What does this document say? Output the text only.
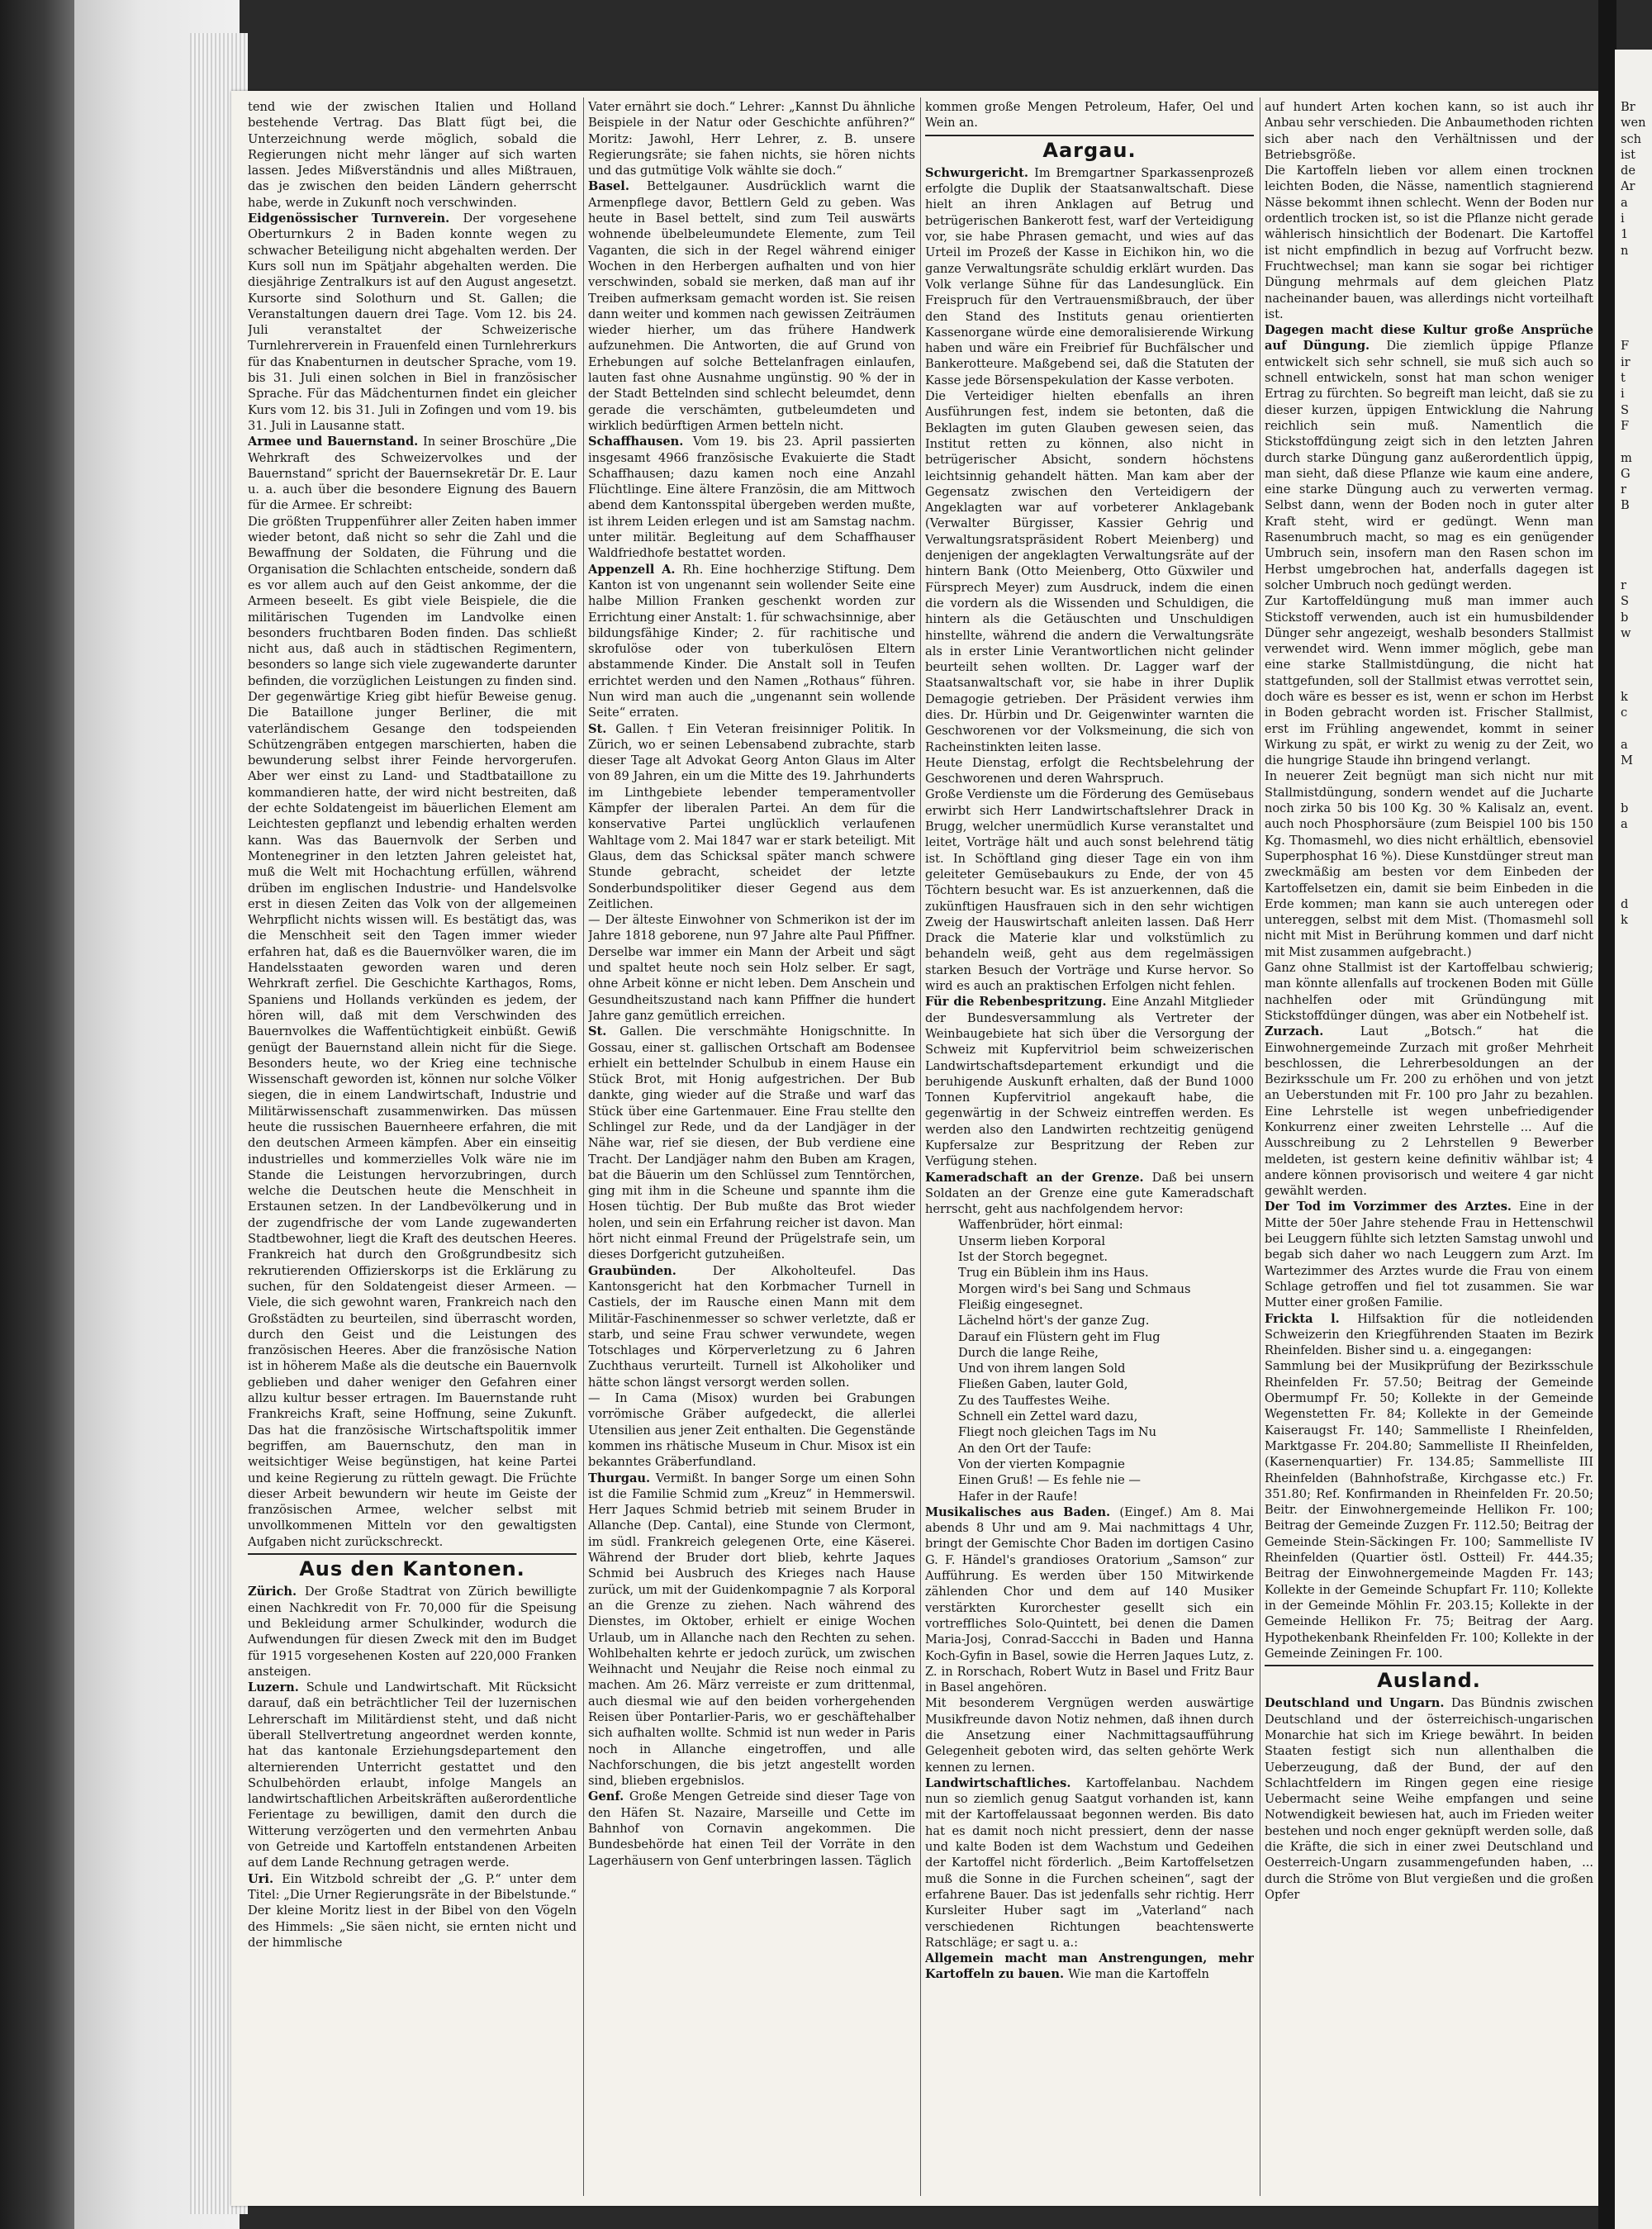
tend wie der zwischen Italien und Holland bestehende Vertrag. Das Blatt fügt bei, die Unterzeichnung werde möglich, sobald die Regierungen nicht mehr länger auf sich warten lassen. Jedes Mißverständnis und alles Mißtrauen, das je zwischen den beiden Ländern geherrscht habe, werde in Zukunft noch verschwinden.

Eidgenössischer Turnverein. Der vorgesehene Oberturnkurs 2 in Baden konnte wegen zu schwacher Beteiligung nicht abgehalten werden. Der Kurs soll nun im Spätjahr abgehalten werden. Die diesjährige Zentralkurs ist auf den August angesetzt. Kursorte sind Solothurn und St. Gallen; die Veranstaltungen dauern drei Tage. Vom 12. bis 24. Juli veranstaltet der Schweizerische Turnlehrerverein in Frauenfeld einen Turnlehrerkurs für das Knabenturnen in deutscher Sprache, vom 19. bis 31. Juli einen solchen in Biel in französischer Sprache. Für das Mädchenturnen findet ein gleicher Kurs vom 12. bis 31. Juli in Zofingen und vom 19. bis 31. Juli in Lausanne statt.

Armee und Bauernstand. In seiner Broschüre „Die Wehrkraft des Schweizervolkes und der Bauernstand“ spricht der Bauernsekretär Dr. E. Laur u. a. auch über die besondere Eignung des Bauern für die Armee. Er schreibt:

Die größten Truppenführer aller Zeiten haben immer wieder betont, daß nicht so sehr die Zahl und die Bewaffnung der Soldaten, die Führung und die Organisation die Schlachten entscheide, sondern daß es vor allem auch auf den Geist ankomme, der die Armeen beseelt. Es gibt viele Beispiele, die die militärischen Tugenden im Landvolke einen besonders fruchtbaren Boden finden. Das schließt nicht aus, daß auch in städtischen Regimentern, besonders so lange sich viele zugewanderte darunter befinden, die vorzüglichen Leistungen zu finden sind. Der gegenwärtige Krieg gibt hiefür Beweise genug. Die Bataillone junger Berliner, die mit vaterländischem Gesange den todspeienden Schützengräben entgegen marschierten, haben die bewunderung selbst ihrer Feinde hervorgerufen. Aber wer einst zu Land- und Stadtbataillone zu kommandieren hatte, der wird nicht bestreiten, daß der echte Soldatengeist im bäuerlichen Element am Leichtesten gepflanzt und lebendig erhalten werden kann. Was das Bauernvolk der Serben und Montenegriner in den letzten Jahren geleistet hat, muß die Welt mit Hochachtung erfüllen, während drüben im englischen Industrie- und Handelsvolke erst in diesen Zeiten das Volk von der allgemeinen Wehrpflicht nichts wissen will. Es bestätigt das, was die Menschheit seit den Tagen immer wieder erfahren hat, daß es die Bauernvölker waren, die im Handelsstaaten geworden waren und deren Wehrkraft zerfiel. Die Geschichte Karthagos, Roms, Spaniens und Hollands verkünden es jedem, der hören will, daß mit dem Verschwinden des Bauernvolkes die Waffentüchtigkeit einbüßt. Gewiß genügt der Bauernstand allein nicht für die Siege. Besonders heute, wo der Krieg eine technische Wissenschaft geworden ist, können nur solche Völker siegen, die in einem Landwirtschaft, Industrie und Militärwissenschaft zusammenwirken. Das müssen heute die russischen Bauernheere erfahren, die mit den deutschen Armeen kämpfen. Aber ein einseitig industrielles und kommerzielles Volk wäre nie im Stande die Leistungen hervorzubringen, durch welche die Deutschen heute die Menschheit in Erstaunen setzen. In der Landbevölkerung und in der zugendfrische der vom Lande zugewanderten Stadtbewohner, liegt die Kraft des deutschen Heeres. Frankreich hat durch den Großgrundbesitz sich rekrutierenden Offizierskorps ist die Erklärung zu suchen, für den Soldatengeist dieser Armeen. — Viele, die sich gewohnt waren, Frankreich nach den Großstädten zu beurteilen, sind überrascht worden, durch den Geist und die Leistungen des französischen Heeres. Aber die französische Nation ist in höherem Maße als die deutsche ein Bauernvolk geblieben und daher weniger den Gefahren einer allzu kultur besser ertragen. Im Bauernstande ruht Frankreichs Kraft, seine Hoffnung, seine Zukunft. Das hat die französische Wirtschaftspolitik immer begriffen, am Bauernschutz, den man in weitsichtiger Weise begünstigen, hat keine Partei und keine Regierung zu rütteln gewagt. Die Früchte dieser Arbeit bewundern wir heute im Geiste der französischen Armee, welcher selbst mit unvollkommenen Mitteln vor den gewaltigsten Aufgaben nicht zurückschreckt.

Aus den Kantonen.

Zürich. Der Große Stadtrat von Zürich bewilligte einen Nachkredit von Fr. 70,000 für die Speisung und Bekleidung armer Schulkinder, wodurch die Aufwendungen für diesen Zweck mit den im Budget für 1915 vorgesehenen Kosten auf 220,000 Franken ansteigen.

Luzern. Schule und Landwirtschaft. Mit Rücksicht darauf, daß ein beträchtlicher Teil der luzernischen Lehrerschaft im Militärdienst steht, und daß nicht überall Stellvertretung angeordnet werden konnte, hat das kantonale Erziehungsdepartement den alternierenden Unterricht gestattet und den Schulbehörden erlaubt, infolge Mangels an landwirtschaftlichen Arbeitskräften außerordentliche Ferientage zu bewilligen, damit den durch die Witterung verzögerten und den vermehrten Anbau von Getreide und Kartoffeln entstandenen Arbeiten auf dem Lande Rechnung getragen werde.

Uri. Ein Witzbold schreibt der „G. P.“ unter dem Titel: „Die Urner Regierungsräte in der Bibelstunde.“ Der kleine Moritz liest in der Bibel von den Vögeln des Himmels: „Sie säen nicht, sie ernten nicht und der himmlische

Vater ernährt sie doch.“ Lehrer: „Kannst Du ähnliche Beispiele in der Natur oder Geschichte anführen?“ Moritz: Jawohl, Herr Lehrer, z. B. unsere Regierungsräte; sie fahen nichts, sie hören nichts und das gutmütige Volk wählte sie doch.“

Basel. Bettelgauner. Ausdrücklich warnt die Armenpflege davor, Bettlern Geld zu geben. Was heute in Basel bettelt, sind zum Teil auswärts wohnende übelbeleumundete Elemente, zum Teil Vaganten, die sich in der Regel während einiger Wochen in den Herbergen aufhalten und von hier verschwinden, sobald sie merken, daß man auf ihr Treiben aufmerksam gemacht worden ist. Sie reisen dann weiter und kommen nach gewissen Zeiträumen wieder hierher, um das frühere Handwerk aufzunehmen. Die Antworten, die auf Grund von Erhebungen auf solche Bettelanfragen einlaufen, lauten fast ohne Ausnahme ungünstig. 90 % der in der Stadt Bettelnden sind schlecht beleumdet, denn gerade die verschämten, gutbeleumdeten und wirklich bedürftigen Armen betteln nicht.

Schaffhausen. Vom 19. bis 23. April passierten insgesamt 4966 französische Evakuierte die Stadt Schaffhausen; dazu kamen noch eine Anzahl Flüchtlinge. Eine ältere Französin, die am Mittwoch abend dem Kantonsspital übergeben werden mußte, ist ihrem Leiden erlegen und ist am Samstag nachm. unter militär. Begleitung auf dem Schaffhauser Waldfriedhofe bestattet worden.

Appenzell A. Rh. Eine hochherzige Stiftung. Dem Kanton ist von ungenannt sein wollender Seite eine halbe Million Franken geschenkt worden zur Errichtung einer Anstalt: 1. für schwachsinnige, aber bildungsfähige Kinder; 2. für rachitische und skrofulöse oder von tuberkulösen Eltern abstammende Kinder. Die Anstalt soll in Teufen errichtet werden und den Namen „Rothaus“ führen. Nun wird man auch die „ungenannt sein wollende Seite“ erraten.

St. Gallen. † Ein Veteran freisinniger Politik. In Zürich, wo er seinen Lebensabend zubrachte, starb dieser Tage alt Advokat Georg Anton Glaus im Alter von 89 Jahren, ein um die Mitte des 19. Jahrhunderts im Linthgebiete lebender temperamentvoller Kämpfer der liberalen Partei. An dem für die konservative Partei unglücklich verlaufenen Wahltage vom 2. Mai 1847 war er stark beteiligt. Mit Glaus, dem das Schicksal später manch schwere Stunde gebracht, scheidet der letzte Sonderbundspolitiker dieser Gegend aus dem Zeitlichen.

— Der älteste Einwohner von Schmerikon ist der im Jahre 1818 geborene, nun 97 Jahre alte Paul Pfiffner. Derselbe war immer ein Mann der Arbeit und sägt und spaltet heute noch sein Holz selber. Er sagt, ohne Arbeit könne er nicht leben. Dem Anschein und Gesundheitszustand nach kann Pfiffner die hundert Jahre ganz gemütlich erreichen.

St. Gallen. Die verschmähte Honigschnitte. In Gossau, einer st. gallischen Ortschaft am Bodensee erhielt ein bettelnder Schulbub in einem Hause ein Stück Brot, mit Honig aufgestrichen. Der Bub dankte, ging wieder auf die Straße und warf das Stück über eine Gartenmauer. Eine Frau stellte den Schlingel zur Rede, und da der Landjäger in der Nähe war, rief sie diesen, der Bub verdiene eine Tracht. Der Landjäger nahm den Buben am Kragen, bat die Bäuerin um den Schlüssel zum Tenntörchen, ging mit ihm in die Scheune und spannte ihm die Hosen tüchtig. Der Bub mußte das Brot wieder holen, und sein ein Erfahrung reicher ist davon. Man hört nicht einmal Freund der Prügelstrafe sein, um dieses Dorfgericht gutzuheißen.

Graubünden. Der Alkoholteufel. Das Kantonsgericht hat den Korbmacher Turnell in Castiels, der im Rausche einen Mann mit dem Militär-Faschinenmesser so schwer verletzte, daß er starb, und seine Frau schwer verwundete, wegen Totschlages und Körperverletzung zu 6 Jahren Zuchthaus verurteilt. Turnell ist Alkoholiker und hätte schon längst versorgt werden sollen.

— In Cama (Misox) wurden bei Grabungen vorrömische Gräber aufgedeckt, die allerlei Utensilien aus jener Zeit enthalten. Die Gegenstände kommen ins rhätische Museum in Chur. Misox ist ein bekanntes Gräberfundland.

Thurgau. Vermißt. In banger Sorge um einen Sohn ist die Familie Schmid zum „Kreuz“ in Hemmerswil. Herr Jaques Schmid betrieb mit seinem Bruder in Allanche (Dep. Cantal), eine Stunde von Clermont, im südl. Frankreich gelegenen Orte, eine Käserei. Während der Bruder dort blieb, kehrte Jaques Schmid bei Ausbruch des Krieges nach Hause zurück, um mit der Guidenkompagnie 7 als Korporal an die Grenze zu ziehen. Nach während des Dienstes, im Oktober, erhielt er einige Wochen Urlaub, um in Allanche nach den Rechten zu sehen. Wohlbehalten kehrte er jedoch zurück, um zwischen Weihnacht und Neujahr die Reise noch einmal zu machen. Am 26. März verreiste er zum drittenmal, auch diesmal wie auf den beiden vorhergehenden Reisen über Pontarlier-Paris, wo er geschäftehalber sich aufhalten wollte. Schmid ist nun weder in Paris noch in Allanche eingetroffen, und alle Nachforschungen, die bis jetzt angestellt worden sind, blieben ergebnislos.

Genf. Große Mengen Getreide sind dieser Tage von den Häfen St. Nazaire, Marseille und Cette im Bahnhof von Cornavin angekommen. Die Bundesbehörde hat einen Teil der Vorräte in den Lagerhäusern von Genf unterbringen lassen. Täglich

kommen große Mengen Petroleum, Hafer, Oel und Wein an.

Aargau.

Schwurgericht. Im Bremgartner Sparkassenprozeß erfolgte die Duplik der Staatsanwaltschaft. Diese hielt an ihren Anklagen auf Betrug und betrügerischen Bankerott fest, warf der Verteidigung vor, sie habe Phrasen gemacht, und wies auf das Urteil im Prozeß der Kasse in Eichikon hin, wo die ganze Verwaltungsräte schuldig erklärt wurden. Das Volk verlange Sühne für das Landesunglück. Ein Freispruch für den Vertrauensmißbrauch, der über den Stand des Instituts genau orientierten Kassenorgane würde eine demoralisierende Wirkung haben und wäre ein Freibrief für Buchfälscher und Bankerotteure. Maßgebend sei, daß die Statuten der Kasse jede Börsenspekulation der Kasse verboten.

Die Verteidiger hielten ebenfalls an ihren Ausführungen fest, indem sie betonten, daß die Beklagten im guten Glauben gewesen seien, das Institut retten zu können, also nicht in betrügerischer Absicht, sondern höchstens leichtsinnig gehandelt hätten. Man kam aber der Gegensatz zwischen den Verteidigern der Angeklagten war auf vorbeterer Anklagebank (Verwalter Bürgisser, Kassier Gehrig und Verwaltungsratspräsident Robert Meienberg) und denjenigen der angeklagten Verwaltungsräte auf der hintern Bank (Otto Meienberg, Otto Güxwiler und Fürsprech Meyer) zum Ausdruck, indem die einen die vordern als die Wissenden und Schuldigen, die hintern als die Getäuschten und Unschuldigen hinstellte, während die andern die Verwaltungsräte als in erster Linie Verantwortlichen nicht gelinder beurteilt sehen wollten. Dr. Lagger warf der Staatsanwaltschaft vor, sie habe in ihrer Duplik Demagogie getrieben. Der Präsident verwies ihm dies. Dr. Hürbin und Dr. Geigenwinter warnten die Geschworenen vor der Volksmeinung, die sich von Racheinstinkten leiten lasse.

Heute Dienstag, erfolgt die Rechtsbelehrung der Geschworenen und deren Wahrspruch.

Große Verdienste um die Förderung des Gemüsebaus erwirbt sich Herr Landwirtschaftslehrer Drack in Brugg, welcher unermüdlich Kurse veranstaltet und leitet, Vorträge hält und auch sonst belehrend tätig ist. In Schöftland ging dieser Tage ein von ihm geleiteter Gemüsebaukurs zu Ende, der von 45 Töchtern besucht war. Es ist anzuerkennen, daß die zukünftigen Hausfrauen sich in den sehr wichtigen Zweig der Hauswirtschaft anleiten lassen. Daß Herr Drack die Materie klar und volkstümlich zu behandeln weiß, geht aus dem regelmässigen starken Besuch der Vorträge und Kurse hervor. So wird es auch an praktischen Erfolgen nicht fehlen.

Für die Rebenbespritzung. Eine Anzahl Mitglieder der Bundesversammlung als Vertreter der Weinbaugebiete hat sich über die Versorgung der Schweiz mit Kupfervitriol beim schweizerischen Landwirtschaftsdepartement erkundigt und die beruhigende Auskunft erhalten, daß der Bund 1000 Tonnen Kupfervitriol angekauft habe, die gegenwärtig in der Schweiz eintreffen werden. Es werden also den Landwirten rechtzeitig genügend Kupfersalze zur Bespritzung der Reben zur Verfügung stehen.

Kameradschaft an der Grenze. Daß bei unsern Soldaten an der Grenze eine gute Kameradschaft herrscht, geht aus nachfolgendem hervor:

Waffenbrüder, hört einmal:
Unserm lieben Korporal
Ist der Storch begegnet.
Trug ein Büblein ihm ins Haus.
Morgen wird's bei Sang und Schmaus
Fleißig eingesegnet.
Lächelnd hört's der ganze Zug.
Darauf ein Flüstern geht im Flug
Durch die lange Reihe,
Und von ihrem langen Sold
Fließen Gaben, lauter Gold,
Zu des Tauffestes Weihe.
Schnell ein Zettel ward dazu,
Fliegt noch gleichen Tags im Nu
An den Ort der Taufe:
Von der vierten Kompagnie
Einen Gruß! — Es fehle nie —
Hafer in der Raufe!

Musikalisches aus Baden. (Eingef.) Am 8. Mai abends 8 Uhr und am 9. Mai nachmittags 4 Uhr, bringt der Gemischte Chor Baden im dortigen Casino G. F. Händel's grandioses Oratorium „Samson“ zur Aufführung. Es werden über 150 Mitwirkende zählenden Chor und dem auf 140 Musiker verstärkten Kurorchester gesellt sich ein vortreffliches Solo-Quintett, bei denen die Damen Maria-Josj, Conrad-Saccchi in Baden und Hanna Koch-Gyfin in Basel, sowie die Herren Jaques Lutz, z. Z. in Rorschach, Robert Wutz in Basel und Fritz Baur in Basel angehören.

Mit besonderem Vergnügen werden auswärtige Musikfreunde davon Notiz nehmen, daß ihnen durch die Ansetzung einer Nachmittagsaufführung Gelegenheit geboten wird, das selten gehörte Werk kennen zu lernen.

Landwirtschaftliches. Kartoffelanbau. Nachdem nun so ziemlich genug Saatgut vorhanden ist, kann mit der Kartoffelaussaat begonnen werden. Bis dato hat es damit noch nicht pressiert, denn der nasse und kalte Boden ist dem Wachstum und Gedeihen der Kartoffel nicht förderlich. „Beim Kartoffelsetzen muß die Sonne in die Furchen scheinen“, sagt der erfahrene Bauer. Das ist jedenfalls sehr richtig. Herr Kursleiter Huber sagt im „Vaterland“ nach verschiedenen Richtungen beachtenswerte Ratschläge; er sagt u. a.:

Allgemein macht man Anstrengungen, mehr Kartoffeln zu bauen. Wie man die Kartoffeln

auf hundert Arten kochen kann, so ist auch ihr Anbau sehr verschieden. Die Anbaumethoden richten sich aber nach den Verhältnissen und der Betriebsgröße.

Die Kartoffeln lieben vor allem einen trocknen leichten Boden, die Nässe, namentlich stagnierend Nässe bekommt ihnen schlecht. Wenn der Boden nur ordentlich trocken ist, so ist die Pflanze nicht gerade wählerisch hinsichtlich der Bodenart. Die Kartoffel ist nicht empfindlich in bezug auf Vorfrucht bezw. Fruchtwechsel; man kann sie sogar bei richtiger Düngung mehrmals auf dem gleichen Platz nacheinander bauen, was allerdings nicht vorteilhaft ist.

Dagegen macht diese Kultur große Ansprüche auf Düngung. Die ziemlich üppige Pflanze entwickelt sich sehr schnell, sie muß sich auch so schnell entwickeln, sonst hat man schon weniger Ertrag zu fürchten. So begreift man leicht, daß sie zu dieser kurzen, üppigen Entwicklung die Nahrung reichlich sein muß. Namentlich die Stickstoffdüngung zeigt sich in den letzten Jahren durch starke Düngung ganz außerordentlich üppig, man sieht, daß diese Pflanze wie kaum eine andere, eine starke Düngung auch zu verwerten vermag. Selbst dann, wenn der Boden noch in guter alter Kraft steht, wird er gedüngt. Wenn man Rasenumbruch macht, so mag es ein genügender Umbruch sein, insofern man den Rasen schon im Herbst umgebrochen hat, anderfalls dagegen ist solcher Umbruch noch gedüngt werden.

Zur Kartoffeldüngung muß man immer auch Stickstoff verwenden, auch ist ein humusbildender Dünger sehr angezeigt, weshalb besonders Stallmist verwendet wird. Wenn immer möglich, gebe man eine starke Stallmistdüngung, die nicht hat stattgefunden, soll der Stallmist etwas verrottet sein, doch wäre es besser es ist, wenn er schon im Herbst in Boden gebracht worden ist. Frischer Stallmist, erst im Frühling angewendet, kommt in seiner Wirkung zu spät, er wirkt zu wenig zu der Zeit, wo die hungrige Staude ihn bringend verlangt.

In neuerer Zeit begnügt man sich nicht nur mit Stallmistdüngung, sondern wendet auf die Jucharte noch zirka 50 bis 100 Kg. 30 % Kalisalz an, event. auch noch Phosphorsäure (zum Beispiel 100 bis 150 Kg. Thomasmehl, wo dies nicht erhältlich, ebensoviel Superphosphat 16 %). Diese Kunstdünger streut man zweckmäßig am besten vor dem Einbeden der Kartoffelsetzen ein, damit sie beim Einbeden in die Erde kommen; man kann sie auch unteregen oder untereggen, selbst mit dem Mist. (Thomasmehl soll nicht mit Mist in Berührung kommen und darf nicht mit Mist zusammen aufgebracht.)

Ganz ohne Stallmist ist der Kartoffelbau schwierig; man könnte allenfalls auf trockenen Boden mit Gülle nachhelfen oder mit Gründüngung mit Stickstoffdünger düngen, was aber ein Notbehelf ist.

Zurzach. Laut „Botsch.“ hat die Einwohnergemeinde Zurzach mit großer Mehrheit beschlossen, die Lehrerbesoldungen an der Bezirksschule um Fr. 200 zu erhöhen und von jetzt an Ueberstunden mit Fr. 100 pro Jahr zu bezahlen. Eine Lehrstelle ist wegen unbefriedigender Konkurrenz einer zweiten Lehrstelle ... Auf die Ausschreibung zu 2 Lehrstellen 9 Bewerber meldeten, ist gestern keine definitiv wählbar ist; 4 andere können provisorisch und weitere 4 gar nicht gewählt werden.

Der Tod im Vorzimmer des Arztes. Eine in der Mitte der 50er Jahre stehende Frau in Hettenschwil bei Leuggern fühlte sich letzten Samstag unwohl und begab sich daher wo nach Leuggern zum Arzt. Im Wartezimmer des Arztes wurde die Frau von einem Schlage getroffen und fiel tot zusammen. Sie war Mutter einer großen Familie.

Frickta l. Hilfsaktion für die notleidenden Schweizerin den Kriegführenden Staaten im Bezirk Rheinfelden. Bisher sind u. a. eingegangen:

Sammlung bei der Musikprüfung der Bezirksschule Rheinfelden Fr. 57.50; Beitrag der Gemeinde Obermumpf Fr. 50; Kollekte in der Gemeinde Wegenstetten Fr. 84; Kollekte in der Gemeinde Kaiseraugst Fr. 140; Sammelliste I Rheinfelden, Marktgasse Fr. 204.80; Sammelliste II Rheinfelden, (Kasernenquartier) Fr. 134.85; Sammelliste III Rheinfelden (Bahnhofstraße, Kirchgasse etc.) Fr. 351.80; Ref. Konfirmanden in Rheinfelden Fr. 20.50; Beitr. der Einwohnergemeinde Hellikon Fr. 100; Beitrag der Gemeinde Zuzgen Fr. 112.50; Beitrag der Gemeinde Stein-Säckingen Fr. 100; Sammelliste IV Rheinfelden (Quartier östl. Ostteil) Fr. 444.35; Beitrag der Einwohnergemeinde Magden Fr. 143; Kollekte in der Gemeinde Schupfart Fr. 110; Kollekte in der Gemeinde Möhlin Fr. 203.15; Kollekte in der Gemeinde Hellikon Fr. 75; Beitrag der Aarg. Hypothekenbank Rheinfelden Fr. 100; Kollekte in der Gemeinde Zeiningen Fr. 100.

Ausland.

Deutschland und Ungarn. Das Bündnis zwischen Deutschland und der österreichisch-ungarischen Monarchie hat sich im Kriege bewährt. In beiden Staaten festigt sich nun allenthalben die Ueberzeugung, daß der Bund, der auf den Schlachtfeldern im Ringen gegen eine riesige Uebermacht seine Weihe empfangen und seine Notwendigkeit bewiesen hat, auch im Frieden weiter bestehen und noch enger geknüpft werden solle, daß die Kräfte, die sich in einer zwei Deutschland und Oesterreich-Ungarn zusammengefunden haben, ... durch die Ströme von Blut vergießen und die großen Opfer

Br
wen
sch
ist
de
Ar
a
i
1
n

F
ir
t
i
S
F

m
G
r
B

r
S
b
w

k
c

a
M

b
a

d
k
